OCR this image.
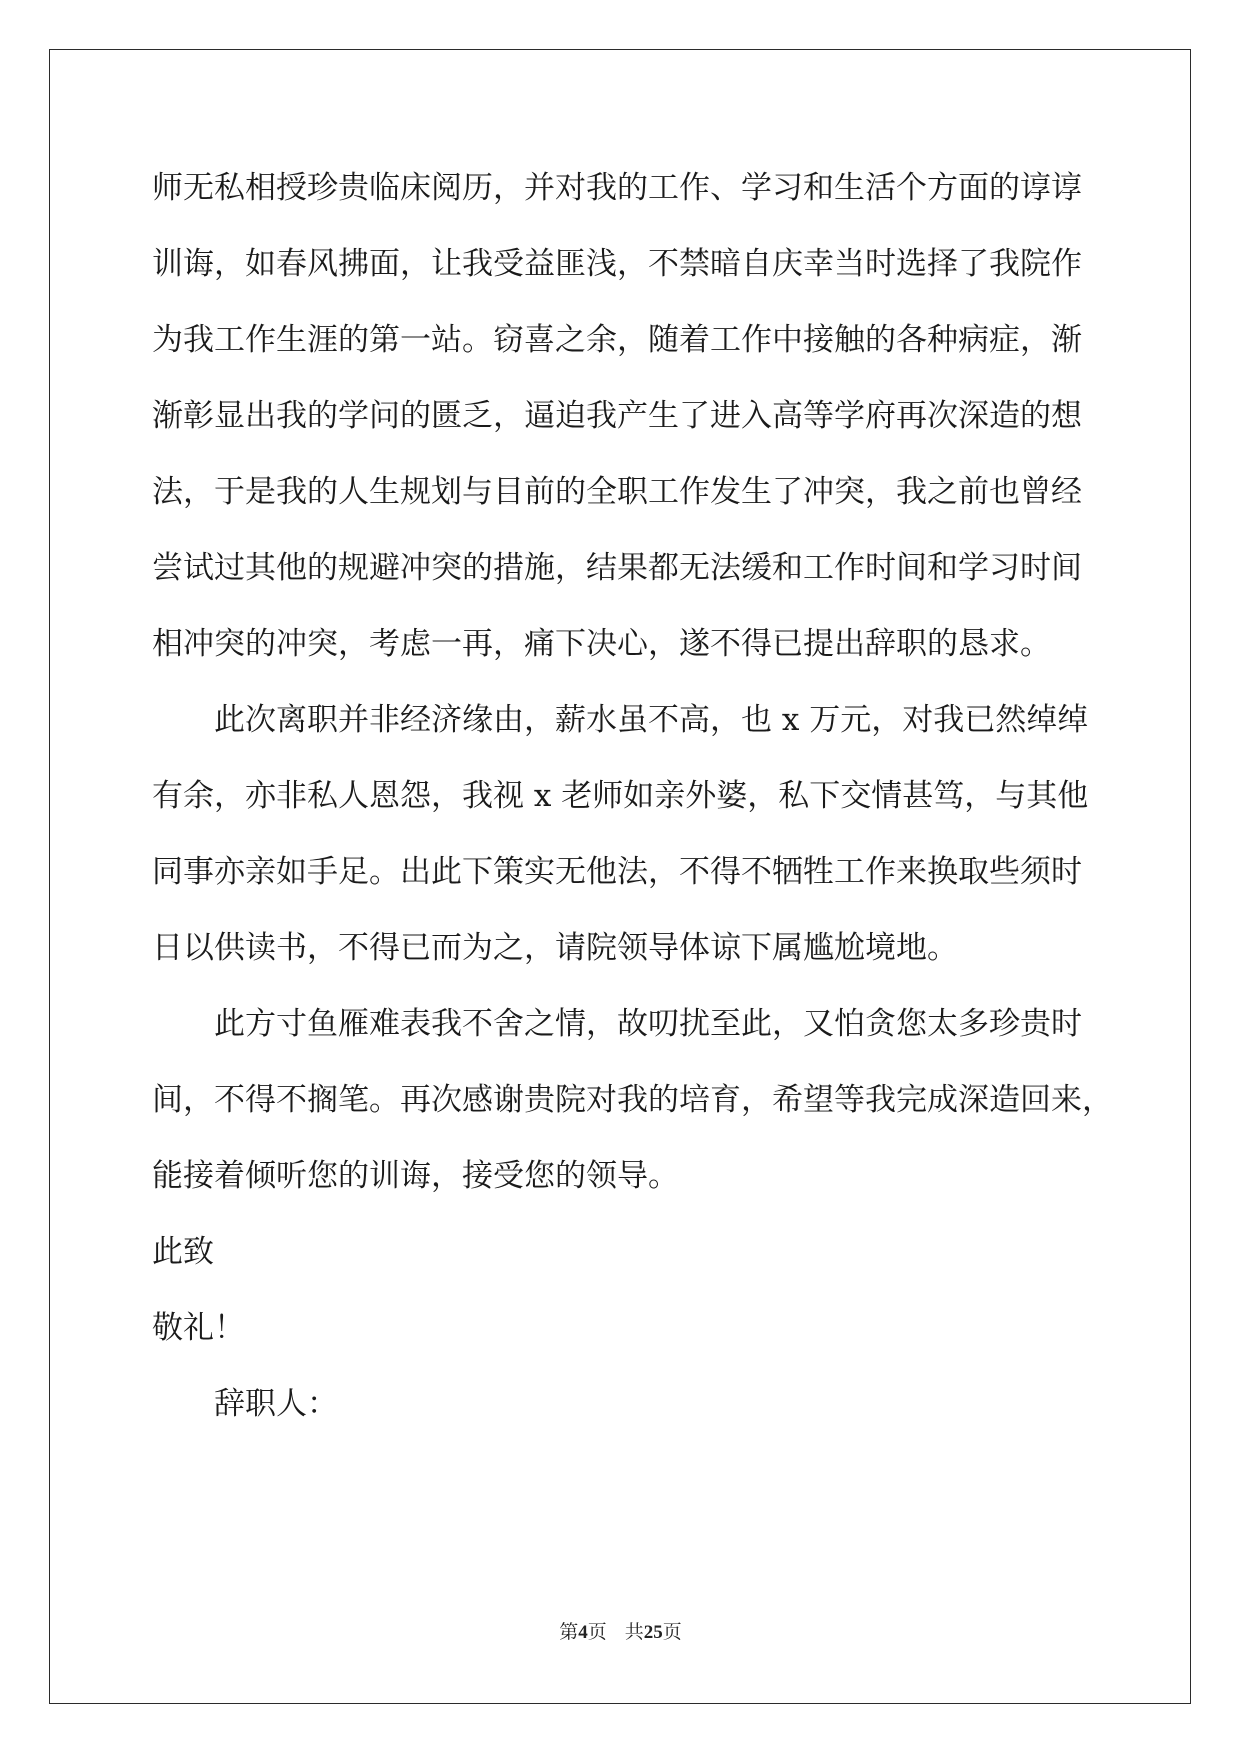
师无私相授珍贵临床阅历，并对我的工作、学习和生活个方面的谆谆
训诲，如春风拂面，让我受益匪浅，不禁暗自庆幸当时选择了我院作
为我工作生涯的第一站。窃喜之余，随着工作中接触的各种病症，渐
渐彰显出我的学问的匮乏，逼迫我产生了进入高等学府再次深造的想
法，于是我的人生规划与目前的全职工作发生了冲突，我之前也曾经
尝试过其他的规避冲突的措施，结果都无法缓和工作时间和学习时间
相冲突的冲突，考虑一再，痛下决心，遂不得已提出辞职的恳求。
此次离职并非经济缘由，薪水虽不高，也 x 万元，对我已然绰绰
有余，亦非私人恩怨，我视 x 老师如亲外婆，私下交情甚笃，与其他
同事亦亲如手足。出此下策实无他法，不得不牺牲工作来换取些须时
日以供读书，不得已而为之，请院领导体谅下属尴尬境地。
此方寸鱼雁难表我不舍之情，故叨扰至此，又怕贪您太多珍贵时
间，不得不搁笔。再次感谢贵院对我的培育，希望等我完成深造回来，
能接着倾听您的训诲，接受您的领导。
此致
敬礼！
辞职人：
第4页 共25页
